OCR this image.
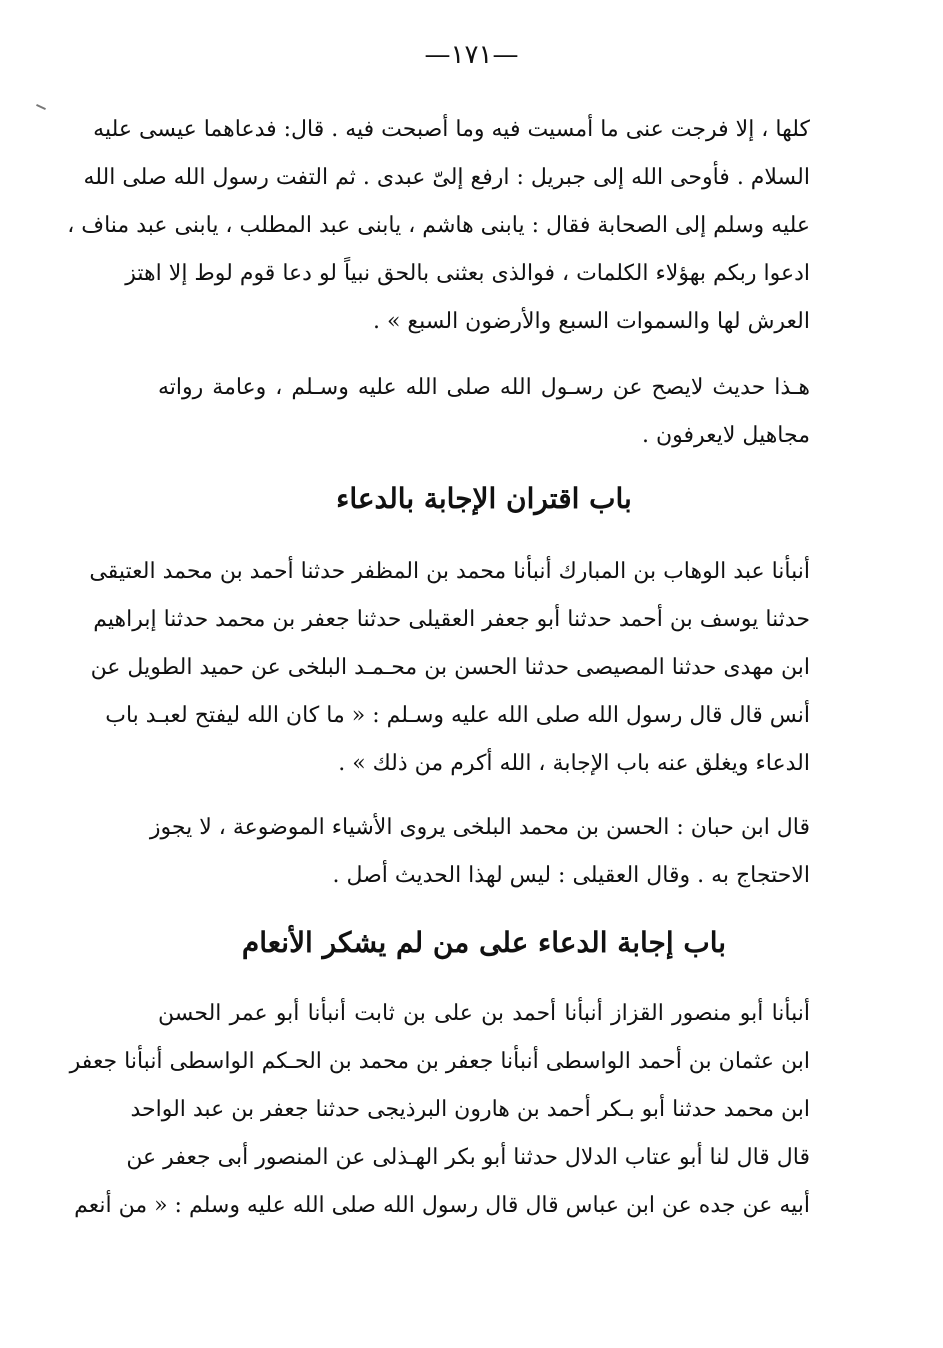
—١٧١—
كلها ، إلا فرجت عنى ما أمسيت فيه وما أصبحت فيه . قال: فدعاهما عيسى عليه
السلام . فأوحى الله إلى جبريل : ارفع إلىّ عبدى . ثم التفت رسول الله صلى الله
عليه وسلم إلى الصحابة فقال : يابنى هاشم ، يابنى عبد المطلب ، يابنى عبد مناف ،
ادعوا ربكم بهؤلاء الكلمات ، فوالذى بعثنى بالحق نبياً لو دعا قوم لوط إلا اهتز
العرش لها والسموات السبع والأرضون السبع » .
هـذا حديث لايصح عن رسـول الله صلى الله عليه وسـلم ، وعامة رواته
مجاهيل لايعرفون .
باب اقتران الإجابة بالدعاء
أنبأنا عبد الوهاب بن المبارك أنبأنا محمد بن المظفر حدثنا أحمد بن محمد العتيقى
حدثنا يوسف بن أحمد حدثنا أبو جعفر العقيلى حدثنا جعفر بن محمد حدثنا إبراهيم
ابن مهدى حدثنا المصيصى حدثنا الحسن بن محـمـد البلخى عن حميد الطويل عن
أنس قال قال رسول الله صلى الله عليه وسـلم : « ما كان الله ليفتح لعبـد باب
الدعاء ويغلق عنه باب الإجابة ، الله أكرم من ذلك » .
قال ابن حبان : الحسن بن محمد البلخى يروى الأشياء الموضوعة ، لا يجوز
الاحتجاج به . وقال العقيلى : ليس لهذا الحديث أصل .
باب إجابة الدعاء على من لم يشكر الأنعام
أنبأنا أبو منصور القزاز أنبأنا أحمد بن على بن ثابت أنبأنا أبو عمر الحسن
ابن عثمان بن أحمد الواسطى أنبأنا جعفر بن محمد بن الحـكم الواسطى أنبأنا جعفر
ابن محمد حدثنا أبو بـكر أحمد بن هارون البرذيجى حدثنا جعفر بن عبد الواحد
قال قال لنا أبو عتاب الدلال حدثنا أبو بكر الهـذلى عن المنصور أبى جعفر عن
أبيه عن جده عن ابن عباس قال قال رسول الله صلى الله عليه وسلم : « من أنعم
